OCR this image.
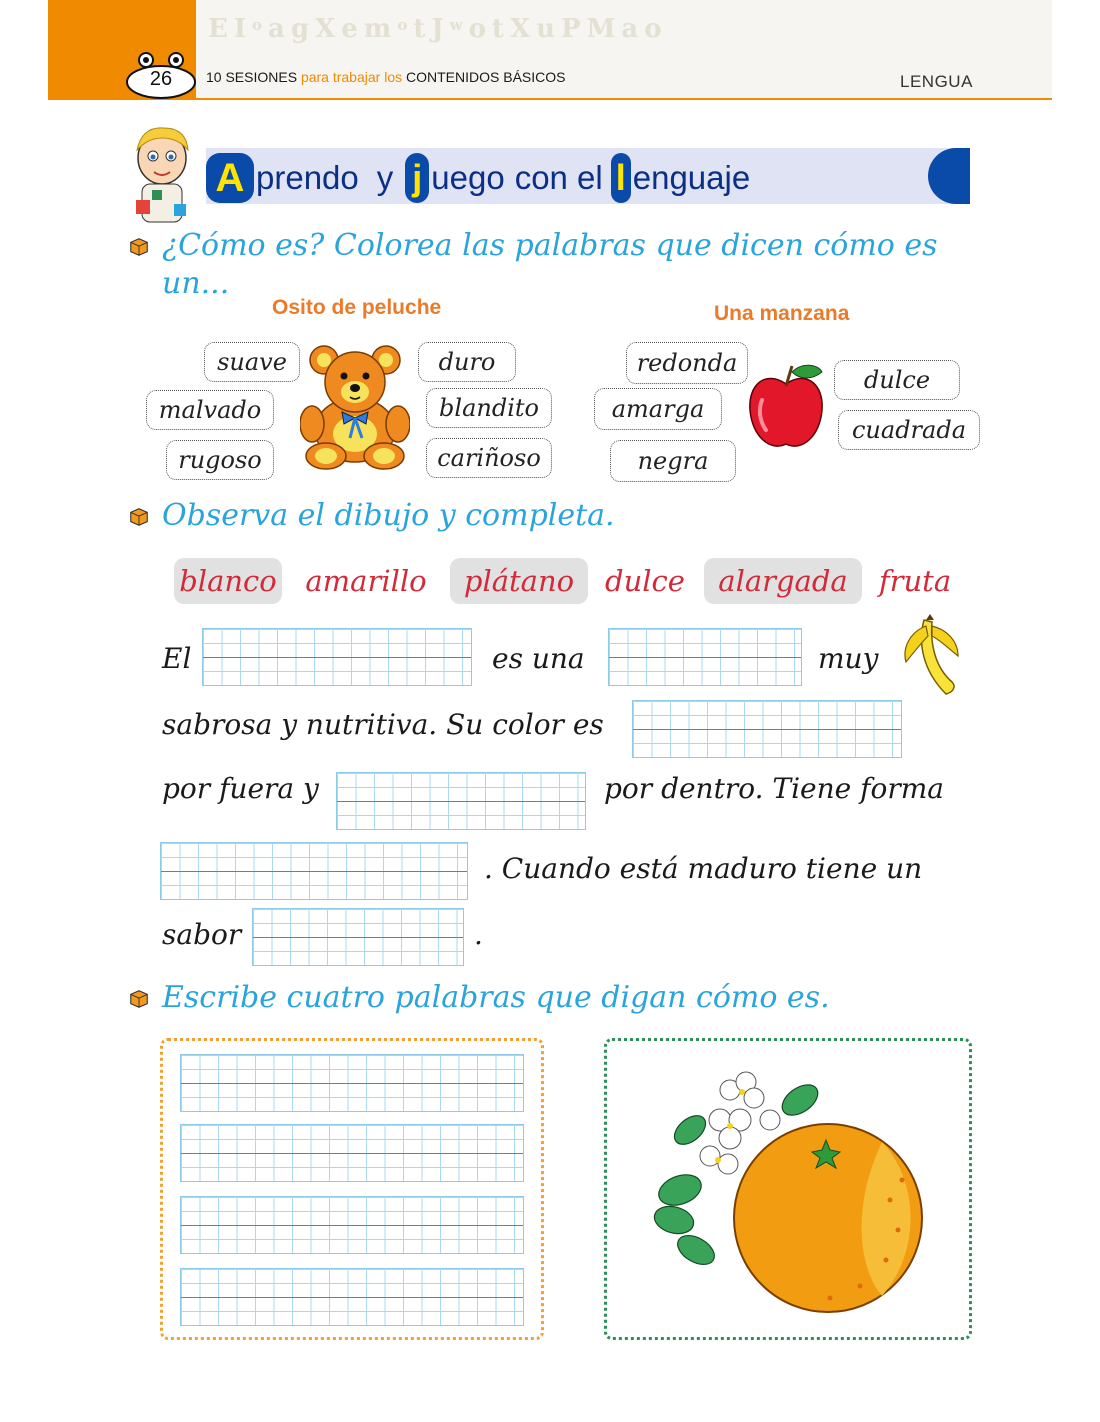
E I o a g X e m o t J w o t X u P M a o
26	10 SESIONES para trabajar los CONTENIDOS BÁSICOS	LENGUA
A prendo y j uego con el l enguaje
¿Cómo es? Colorea las palabras que dicen cómo es
un...
Osito de peluche	Una manzana
suave	duro
malvado	blandito
rugoso	cariñoso
redonda
dulce
amarga
cuadrada
negra
Observa el dibujo y completa.
blanco amarillo	plátano	dulce	alargada	fruta
El	es una	muy
sabrosa y nutritiva. Su color es
por fuera y	por dentro. Tiene forma
. Cuando está maduro tiene un
sabor	.
Escribe cuatro palabras que digan cómo es.
